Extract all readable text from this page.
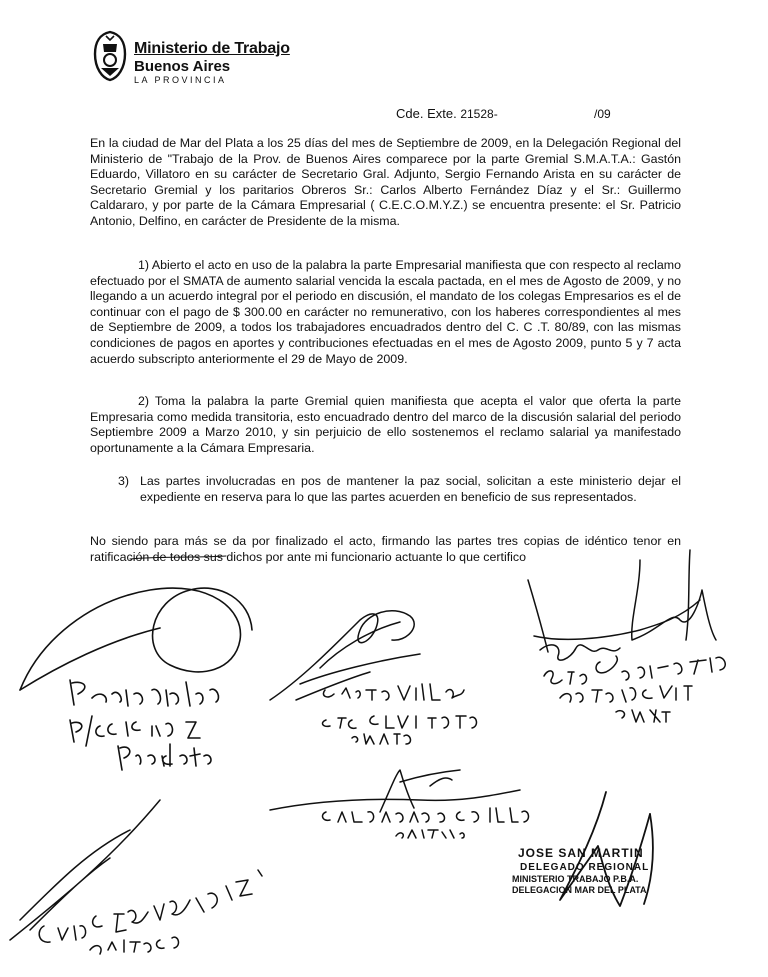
Ministerio de Trabajo
Buenos Aires
LA PROVINCIA
Cde. Exte. 21528-	/09

En la ciudad de Mar del Plata a los 25 días del mes de Septiembre de 2009, en la Delegación Regional del Ministerio de "Trabajo de la Prov. de Buenos Aires comparece por la parte Gremial S.M.A.T.A.: Gastón Eduardo, Villatoro en su carácter de Secretario Gral. Adjunto, Sergio Fernando Arista en su carácter de Secretario Gremial y los paritarios Obreros Sr.: Carlos Alberto Fernández Díaz y el Sr.: Guillermo Caldararo, y por parte de la Cámara Empresarial ( C.E.C.O.M.Y.Z.) se encuentra presente: el Sr. Patricio Antonio, Delfino, en carácter de Presidente de la misma.

1) Abierto el acto en uso de la palabra la parte Empresarial manifiesta que con respecto al reclamo efectuado por el SMATA de aumento salarial vencida la escala pactada, en el mes de Agosto de 2009, y no llegando a un acuerdo integral por el periodo en discusión, el mandato de los colegas Empresarios es el de continuar con el pago de $ 300.00 en carácter no remunerativo, con los haberes correspondientes al mes de Septiembre de 2009, a todos los trabajadores encuadrados dentro del C. C .T. 80/89, con las mismas condiciones de pagos en aportes y contribuciones efectuadas en el mes de Agosto 2009, punto 5 y 7 acta acuerdo subscripto anteriormente el 29 de Mayo de 2009.

2) Toma la palabra la parte Gremial quien manifiesta que acepta el valor que oferta la parte Empresaria como medida transitoria, esto encuadrado dentro del marco de la discusión salarial del periodo Septiembre 2009 a Marzo 2010, y sin perjuicio de ello sostenemos el reclamo salarial ya manifestado oportunamente a la Cámara Empresaria.

3) Las partes involucradas en pos de mantener la paz social, solicitan a este ministerio dejar el expediente en reserva para lo que las partes acuerden en beneficio de sus representados.

No siendo para más se da por finalizado el acto, firmando las partes tres copias de idéntico tenor en ratificación de todos sus dichos por ante mi funcionario actuante lo que certifico

JOSE SAN MARTIN
DELEGADO REGIONAL
MINISTERIO TRABAJO P.B.A.
DELEGACION MAR DEL PLATA
